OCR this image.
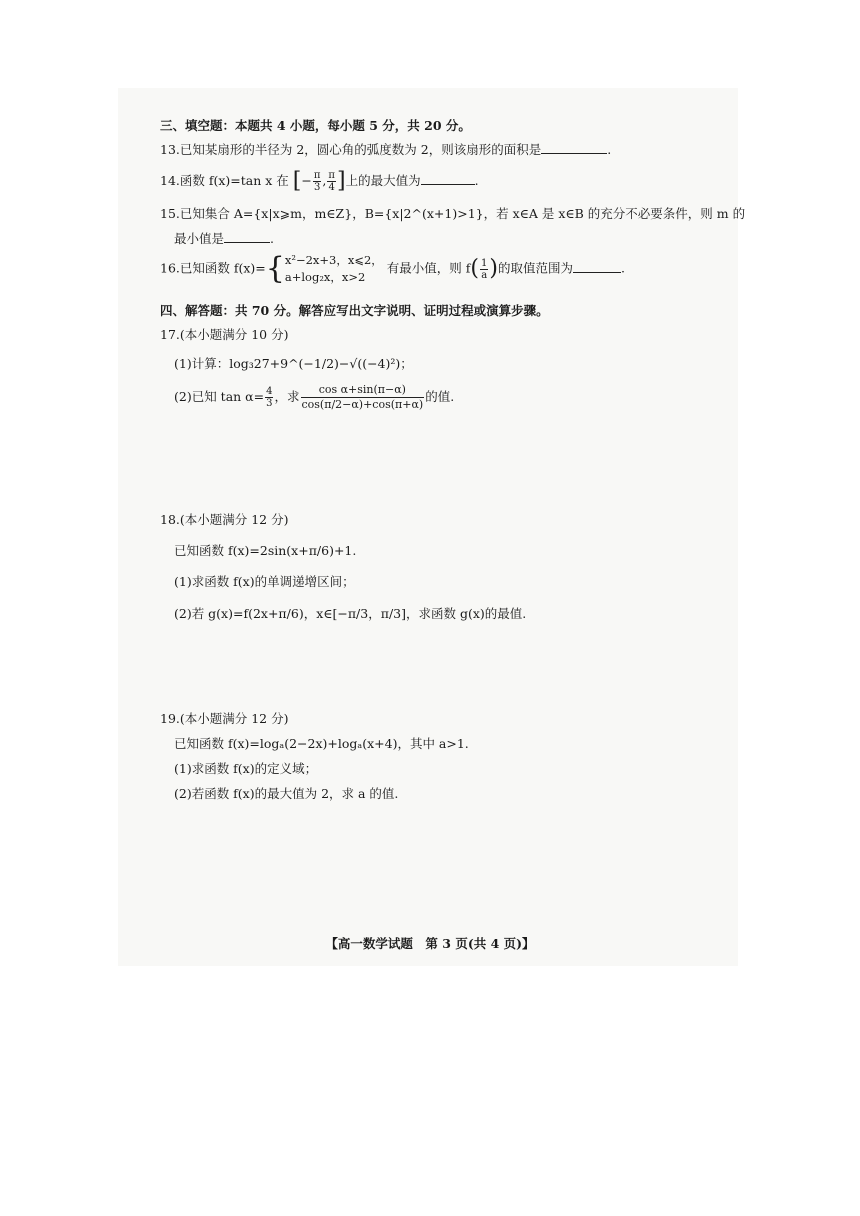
三、填空题：本题共 4 小题，每小题 5 分，共 20 分。
13.已知某扇形的半径为 2，圆心角的弧度数为 2，则该扇形的面积是	.
14.函数 f(x)=tan x 在 [− $\frac{\pi}{3}$ , $\frac{\pi}{4}$ ]上的最大值为	.
15.已知集合 A={x|x⩾m，m∈Z}，B={x|2^(x+1)>1}，若 x∈A 是 x∈B 的充分不必要条件，则 m 的
最小值是	.
16.已知函数 f(x)={ x²−2x+3，x⩽2，
a+log₂x，x>2
有最小值，则 $f( \frac{1}{a}$ )的取值范围为	.
四、解答题：共 70 分。解答应写出文字说明、证明过程或演算步骤。
17.(本小题满分 10 分)
(1)计算：log₃27+9^(−1/2)−√((−4)²)；
(2)已知 $\tan \alpha= \frac{4}{3}$ ，求 $\frac{\text{cos α+sin(π−α)}}{\cos(\pi/2-\alpha)+\cos(\pi+\alpha)}$ 的值.
18.(本小题满分 12 分)
已知函数 f(x)=2sin(x+π/6)+1.
(1)求函数 f(x)的单调递增区间；
(2)若 g(x)=f(2x+π/6)，x∈[−π/3，π/3]，求函数 g(x)的最值.
19.(本小题满分 12 分)
已知函数 f(x)=logₐ(2−2x)+logₐ(x+4)，其中 a>1.
(1)求函数 f(x)的定义域；
(2)若函数 f(x)的最大值为 2，求 a 的值.
【高一数学试题　第 3 页(共 4 页)】
